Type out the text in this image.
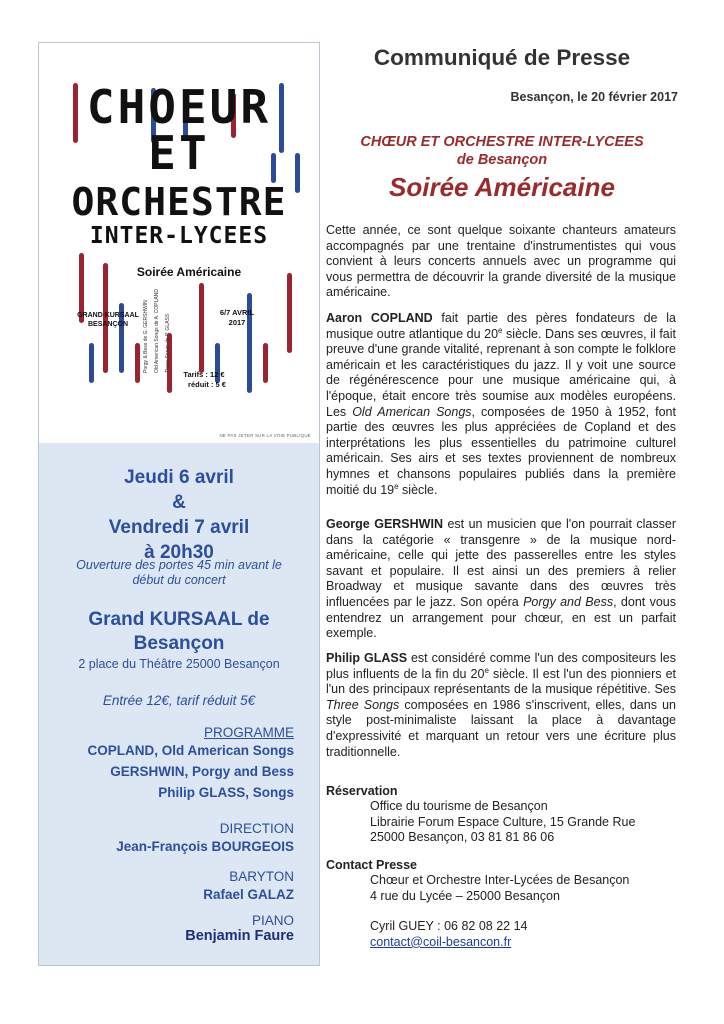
CHOEUR
ET
ORCHESTRE
INTER-LYCEES
Soirée Américaine
GRAND KURSAAL
BESANÇON
6/7 AVRIL
2017
Tarifs : 12 €
réduit : 5 €
Porgy & Bess de G. GERSHWIN Old American Songs de A. COPLAND Three Songs de P. GLASS
NE PAS JETER SUR LA VOIE PUBLIQUE
Jeudi 6 avril
&
Vendredi 7 avril
à 20h30
Ouverture des portes 45 min avant le début du concert
Grand KURSAAL de
Besançon
2 place du Théâtre 25000 Besançon
Entrée 12€, tarif réduit 5€
PROGRAMME
COPLAND, Old American Songs
GERSHWIN, Porgy and Bess
Philip GLASS, Songs
DIRECTION
Jean-François BOURGEOIS
BARYTON
Rafael GALAZ
PIANO
Benjamin Faure
Communiqué de Presse
Besançon, le 20 février 2017
CHŒUR ET ORCHESTRE INTER-LYCEES
de Besançon
Soirée Américaine
Cette année, ce sont quelque soixante chanteurs amateurs accompagnés par une trentaine d'instrumentistes qui vous convient à leurs concerts annuels avec un programme qui vous permettra de découvrir la grande diversité de la musique américaine.
Aaron COPLAND fait partie des pères fondateurs de la musique outre atlantique du 20e siècle. Dans ses œuvres, il fait preuve d'une grande vitalité, reprenant à son compte le folklore américain et les caractéristiques du jazz. Il y voit une source de régénérescence pour une musique américaine qui, à l'époque, était encore très soumise aux modèles européens. Les Old American Songs, composées de 1950 à 1952, font partie des œuvres les plus appréciées de Copland et des interprétations les plus essentielles du patrimoine culturel américain. Ses airs et ses textes proviennent de nombreux hymnes et chansons populaires publiés dans la première moitié du 19e siècle.
George GERSHWIN est un musicien que l'on pourrait classer dans la catégorie « transgenre » de la musique nord-américaine, celle qui jette des passerelles entre les styles savant et populaire. Il est ainsi un des premiers à relier Broadway et musique savante dans des œuvres très influencées par le jazz. Son opéra Porgy and Bess, dont vous entendrez un arrangement pour chœur, en est un parfait exemple.
Philip GLASS est considéré comme l'un des compositeurs les plus influents de la fin du 20e siècle. Il est l'un des pionniers et l'un des principaux représentants de la musique répétitive. Ses Three Songs composées en 1986 s'inscrivent, elles, dans un style post-minimaliste laissant la place à davantage d'expressivité et marquant un retour vers une écriture plus traditionnelle.
Réservation
Office du tourisme de Besançon
Librairie Forum Espace Culture, 15 Grande Rue
25000 Besançon, 03 81 81 86 06
Contact Presse
Chœur et Orchestre Inter-Lycées de Besançon
4 rue du Lycée – 25000 Besançon
Cyril GUEY : 06 82 08 22 14
contact@coil-besancon.fr
